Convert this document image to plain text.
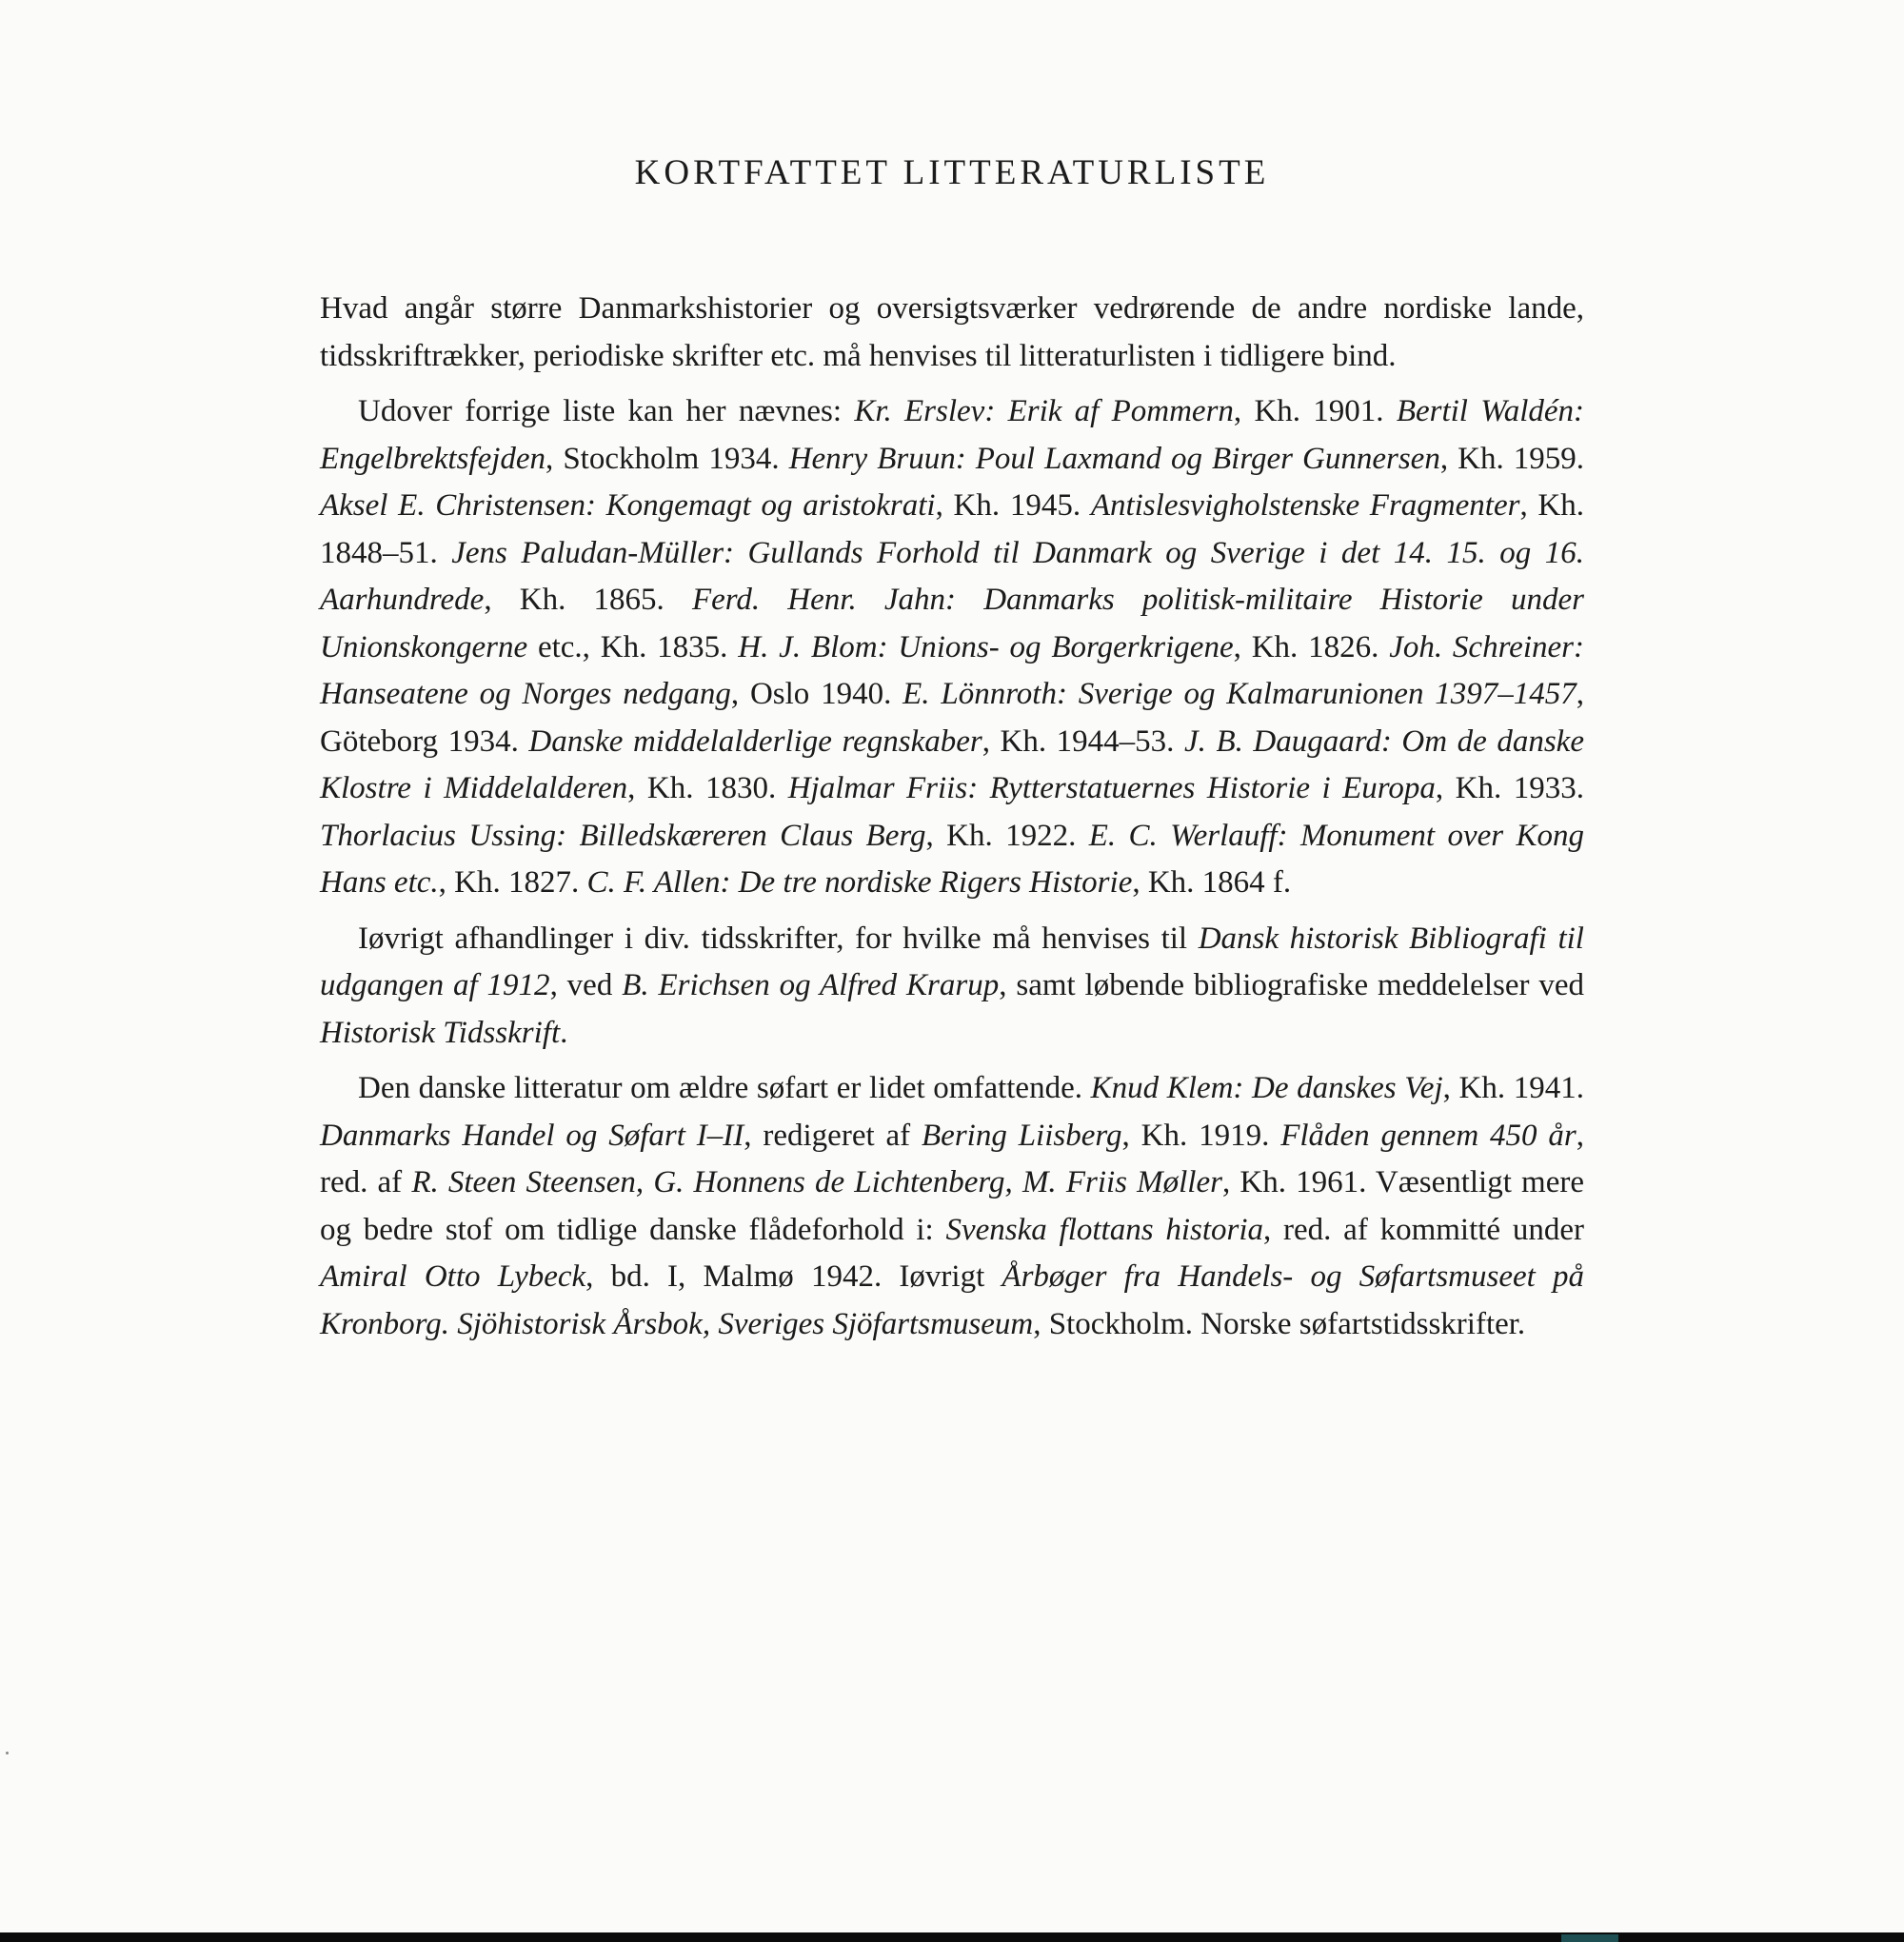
KORTFATTET LITTERATURLISTE

Hvad angår større Danmarkshistorier og oversigtsværker vedrørende de andre nordiske lande, tidsskriftrækker, periodiske skrifter etc. må henvises til litteraturlisten i tidligere bind.

Udover forrige liste kan her nævnes: Kr. Erslev: Erik af Pommern, Kh. 1901. Bertil Waldén: Engelbrektsfejden, Stockholm 1934. Henry Bruun: Poul Laxmand og Birger Gunnersen, Kh. 1959. Aksel E. Christensen: Kongemagt og aristokrati, Kh. 1945. Antislesvigholstenske Fragmenter, Kh. 1848–51. Jens Paludan-Müller: Gullands Forhold til Danmark og Sverige i det 14. 15. og 16. Aarhundrede, Kh. 1865. Ferd. Henr. Jahn: Danmarks politisk-militaire Historie under Unionskongerne etc., Kh. 1835. H. J. Blom: Unions- og Borgerkrigene, Kh. 1826. Joh. Schreiner: Hanseatene og Norges nedgang, Oslo 1940. E. Lönnroth: Sverige og Kalmarunionen 1397–1457, Göteborg 1934. Danske middelalderlige regnskaber, Kh. 1944–53. J. B. Daugaard: Om de danske Klostre i Middelalderen, Kh. 1830. Hjalmar Friis: Rytterstatuernes Historie i Europa, Kh. 1933. Thorlacius Ussing: Billedskæreren Claus Berg, Kh. 1922. E. C. Werlauff: Monument over Kong Hans etc., Kh. 1827. C. F. Allen: De tre nordiske Rigers Historie, Kh. 1864 f.

Iøvrigt afhandlinger i div. tidsskrifter, for hvilke må henvises til Dansk historisk Bibliografi til udgangen af 1912, ved B. Erichsen og Alfred Krarup, samt løbende bibliografiske meddelelser ved Historisk Tidsskrift.

Den danske litteratur om ældre søfart er lidet omfattende. Knud Klem: De danskes Vej, Kh. 1941. Danmarks Handel og Søfart I–II, redigeret af Bering Liisberg, Kh. 1919. Flåden gennem 450 år, red. af R. Steen Steensen, G. Honnens de Lichtenberg, M. Friis Møller, Kh. 1961. Væsentligt mere og bedre stof om tidlige danske flådeforhold i: Svenska flottans historia, red. af kommitté under Amiral Otto Lybeck, bd. I, Malmø 1942. Iøvrigt Årbøger fra Handels- og Søfartsmuseet på Kronborg. Sjöhistorisk Årsbok, Sveriges Sjöfartsmuseum, Stockholm. Norske søfartstidsskrifter.
